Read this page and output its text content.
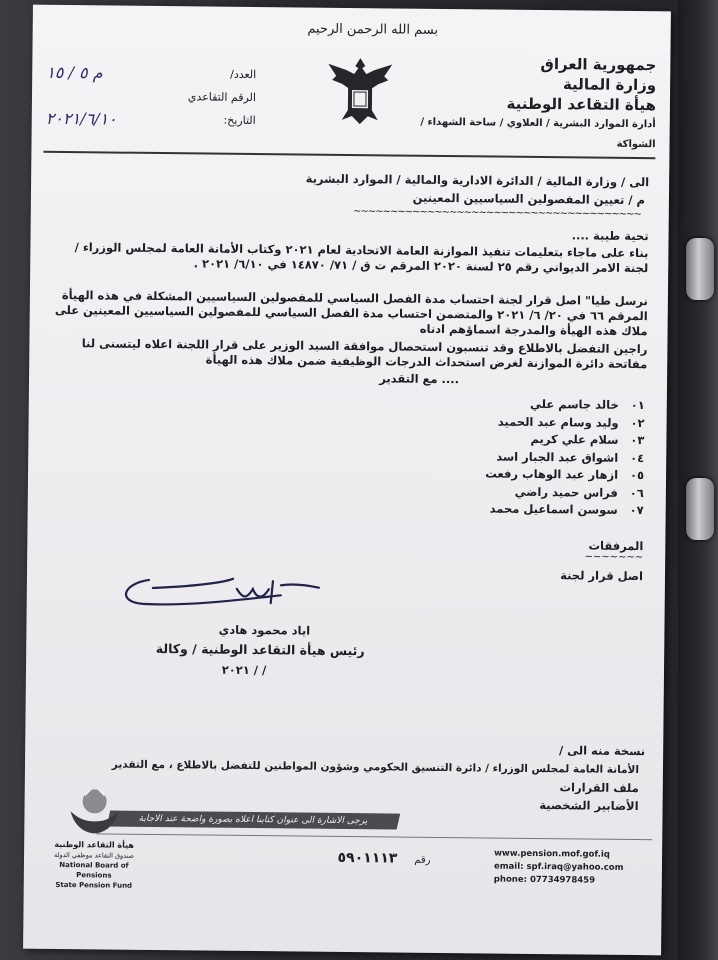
بسم الله الرحمن الرحيم
جمهورية العراق
وزارة المالية
هيأة التقاعد الوطنية
أدارة الموارد البشرية / العلاوي / ساحة الشهداء / الشواكة
العدد/
م ٥ / ١٥
الرقم التقاعدي
التاريخ:
٢٠٢١/٦/١٠
الى / وزارة المالية / الدائرة الادارية والمالية / الموارد البشرية
م / تعيين المفصولين السياسيين المعينين
~~~~~~~~~~~~~~~~~~~~~~~~~~~~~~~~~~~~~~~
تحية طيبة ....
بناء على ماجاء بتعليمات تنفيذ الموازنة العامة الاتحادية لعام ٢٠٢١ وكتاب الأمانة العامة لمجلس الوزراء / لجنة الامر الديواني رقم ٢٥ لسنة ٢٠٢٠ المرقم ت ق / ٧١/ ١٤٨٧٠ في ٦/١٠/ ٢٠٢١ .
نرسل طيا" اصل قرار لجنة احتساب مدة الفصل السياسي للمفصولين السياسيين المشكلة في هذه الهيأة المرقم ٦٦ في ٢٠/ ٦/ ٢٠٢١ والمتضمن احتساب مدة الفصل السياسي للمفصولين السياسيين المعينين على ملاك هذه الهيأة والمدرجة اسماؤهم ادناه
راجين التفضل بالاطلاع وقد تنسبون استحصال موافقة السيد الوزير على قرار اللجنة اعلاه ليتسنى لنا مفاتحة دائرة الموازنة لغرض استحداث الدرجات الوظيفية ضمن ملاك هذه الهيأة
.... مع التقدير
٠١ خالد جاسم علي
٠٢ وليد وسام عبد الحميد
٠٣ سلام علي كريم
٠٤ اشواق عبد الجبار اسد
٠٥ ازهار عبد الوهاب رفعت
٠٦ فراس حميد راضي
٠٧ سوسن اسماعيل محمد
المرفقات
~~~~~~~
اصل قرار لجنة
اياد محمود هادي
رئيس هيأة التقاعد الوطنية / وكالة
/ / ٢٠٢١
نسخة منه الى /
الأمانة العامة لمجلس الوزراء / دائرة التنسيق الحكومي وشؤون المواطنين للتفضل بالاطلاع ، مع التقدير
ملف القرارات
الأضابير الشخصية
يرجى الاشارة الى عنوان كتابنا اعلاه بصورة واضحة عند الاجابة
هيأة التقاعد الوطنية
صندوق التقاعد موظفي الدولة
National Board of Pensions
State Pension Fund
رقم ٥٩٠١١١٣	www.pension.mof.gof.iq
email: spf.iraq@yahoo.com
phone: 07734978459
